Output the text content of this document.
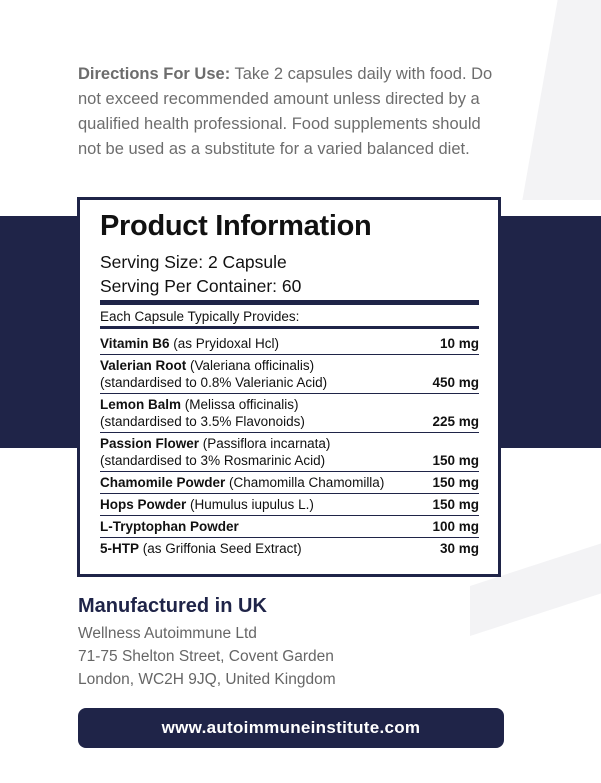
Directions For Use: Take 2 capsules daily with food. Do not exceed recommended amount unless directed by a qualified health professional. Food supplements should not be used as a substitute for a varied balanced diet.

Product Information
Serving Size: 2 Capsule
Serving Per Container: 60
Each Capsule Typically Provides:
Vitamin B6 (as Pryidoxal Hcl)	10 mg
Valerian Root (Valeriana officinalis)
(standardised to 0.8% Valerianic Acid)	450 mg
Lemon Balm (Melissa officinalis)
(standardised to 3.5% Flavonoids)	225 mg
Passion Flower (Passiflora incarnata)
(standardised to 3% Rosmarinic Acid)	150 mg
Chamomile Powder (Chamomilla Chamomilla)	150 mg
Hops Powder (Humulus iupulus L.)	150 mg
L-Tryptophan Powder	100 mg
5-HTP (as Griffonia Seed Extract)	30 mg
Manufactured in UK
Wellness Autoimmune Ltd
71-75 Shelton Street, Covent Garden
London, WC2H 9JQ, United Kingdom
www.autoimmuneinstitute.com
